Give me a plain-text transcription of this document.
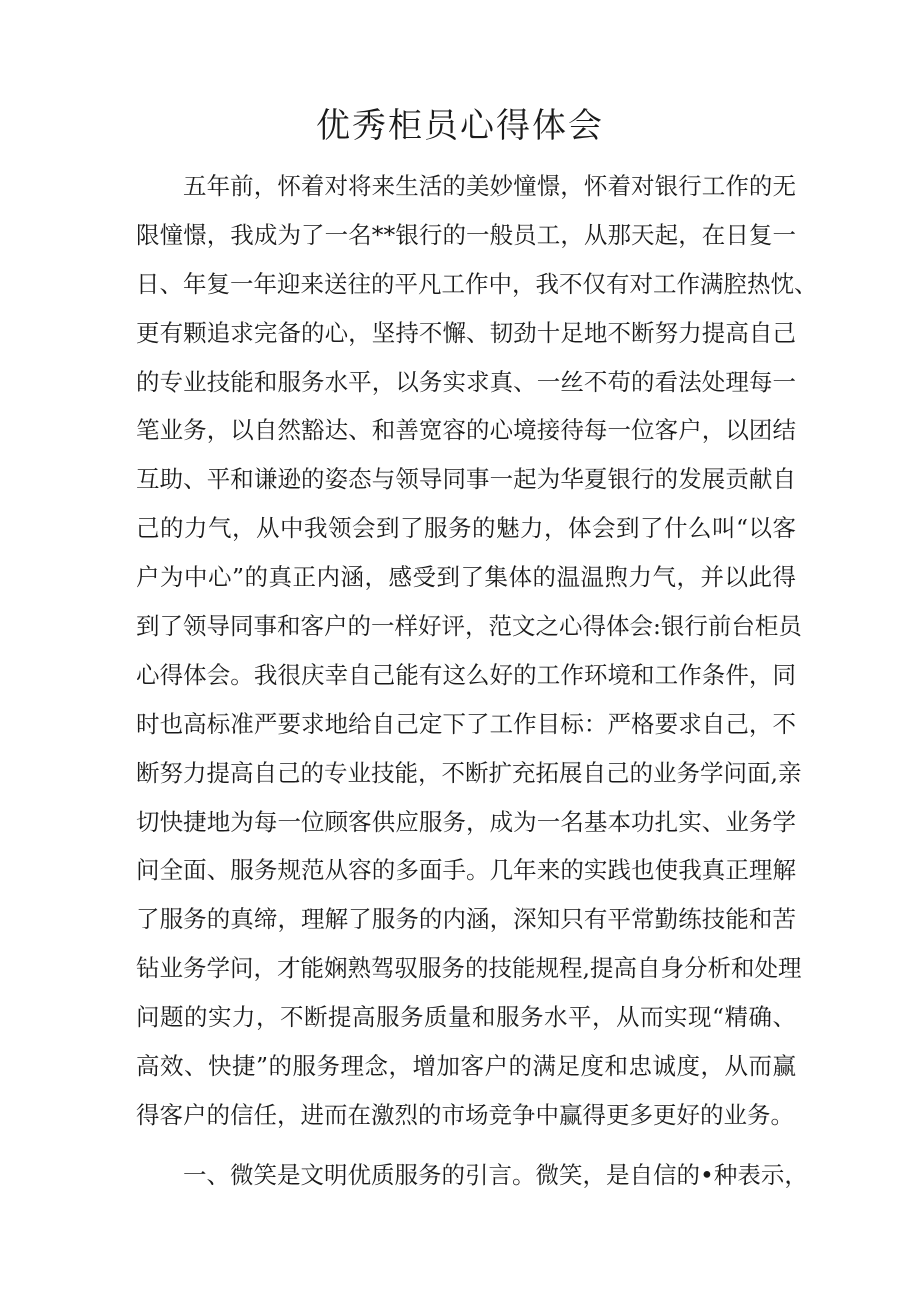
优秀柜员心得体会
五年前，怀着对将来生活的美妙憧憬，怀着对银行工作的无
限憧憬，我成为了一名**银行的一般员工，从那天起，在日复一
日、年复一年迎来送往的平凡工作中，我不仅有对工作满腔热忱、
更有颗追求完备的心，坚持不懈、韧劲十足地不断努力提高自己
的专业技能和服务水平，以务实求真、一丝不苟的看法处理每一
笔业务，以自然豁达、和善宽容的心境接待每一位客户，以团结
互助、平和谦逊的姿态与领导同事一起为华夏银行的发展贡献自
己的力气，从中我领会到了服务的魅力，体会到了什么叫“以客
户为中心”的真正内涵，感受到了集体的温温煦力气，并以此得
到了领导同事和客户的一样好评，范文之心得体会:银行前台柜员
心得体会。我很庆幸自己能有这么好的工作环境和工作条件，同
时也高标准严要求地给自己定下了工作目标：严格要求自己，不
断努力提高自己的专业技能，不断扩充拓展自己的业务学问面,亲
切快捷地为每一位顾客供应服务，成为一名基本功扎实、业务学
问全面、服务规范从容的多面手。几年来的实践也使我真正理解
了服务的真缔，理解了服务的内涵，深知只有平常勤练技能和苦
钻业务学问，才能娴熟驾驭服务的技能规程,提高自身分析和处理
问题的实力，不断提高服务质量和服务水平，从而实现“精确、
高效、快捷”的服务理念，增加客户的满足度和忠诚度，从而赢
得客户的信任，进而在激烈的市场竞争中赢得更多更好的业务。
一、微笑是文明优质服务的引言。微笑，是自信的•种表示，
